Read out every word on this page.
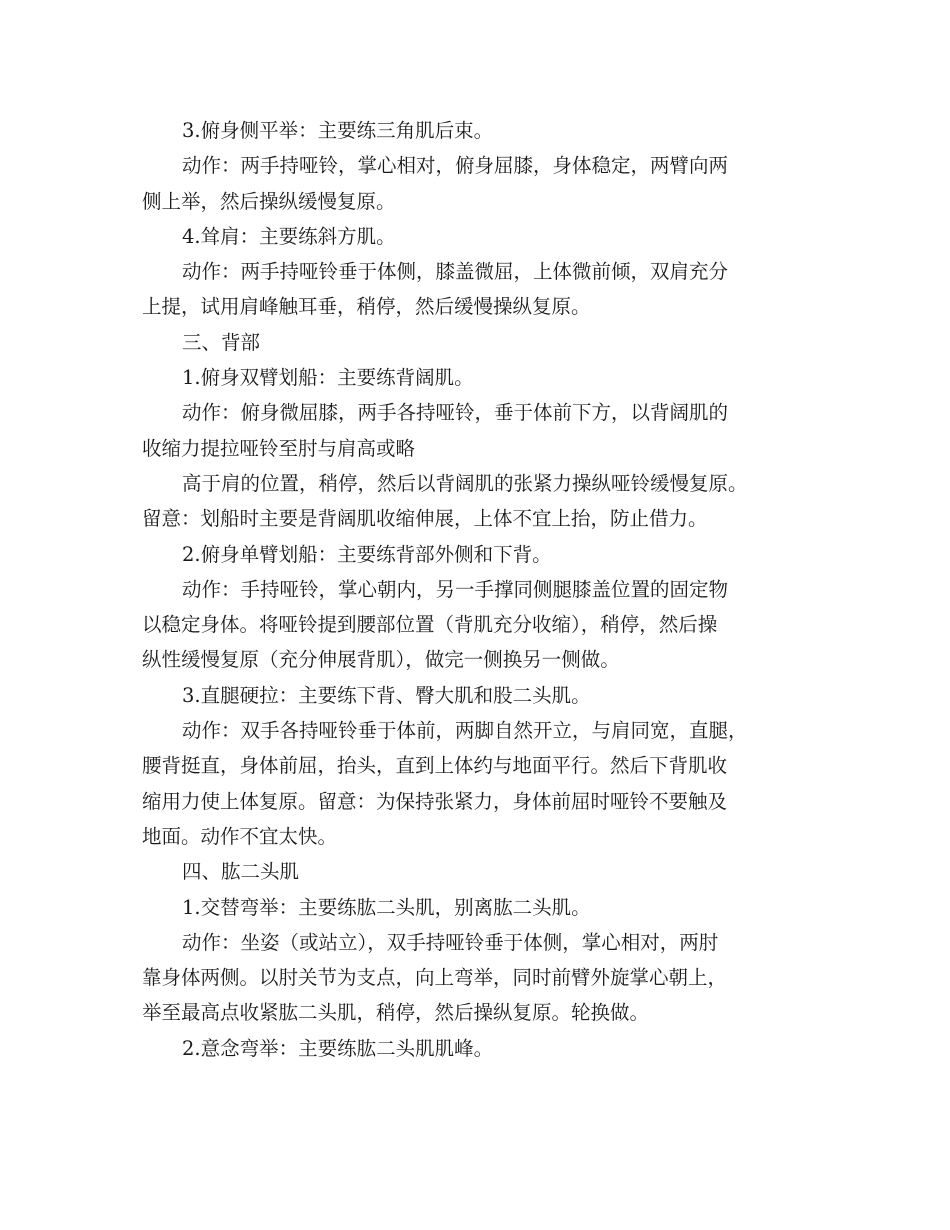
3.俯身侧平举：主要练三角肌后束。
动作：两手持哑铃，掌心相对，俯身屈膝，身体稳定，两臂向两
侧上举，然后操纵缓慢复原。
4.耸肩：主要练斜方肌。
动作：两手持哑铃垂于体侧，膝盖微屈，上体微前倾，双肩充分
上提，试用肩峰触耳垂，稍停，然后缓慢操纵复原。
三、背部
1.俯身双臂划船：主要练背阔肌。
动作：俯身微屈膝，两手各持哑铃，垂于体前下方，以背阔肌的
收缩力提拉哑铃至肘与肩高或略
高于肩的位置，稍停，然后以背阔肌的张紧力操纵哑铃缓慢复原。
留意：划船时主要是背阔肌收缩伸展，上体不宜上抬，防止借力。
2.俯身单臂划船：主要练背部外侧和下背。
动作：手持哑铃，掌心朝内，另一手撑同侧腿膝盖位置的固定物
以稳定身体。将哑铃提到腰部位置（背肌充分收缩），稍停，然后操
纵性缓慢复原（充分伸展背肌），做完一侧换另一侧做。
3.直腿硬拉：主要练下背、臀大肌和股二头肌。
动作：双手各持哑铃垂于体前，两脚自然开立，与肩同宽，直腿，
腰背挺直，身体前屈，抬头，直到上体约与地面平行。然后下背肌收
缩用力使上体复原。留意：为保持张紧力，身体前屈时哑铃不要触及
地面。动作不宜太快。
四、肱二头肌
1.交替弯举：主要练肱二头肌，别离肱二头肌。
动作：坐姿（或站立），双手持哑铃垂于体侧，掌心相对，两肘
靠身体两侧。以肘关节为支点，向上弯举，同时前臂外旋掌心朝上，
举至最高点收紧肱二头肌，稍停，然后操纵复原。轮换做。
2.意念弯举：主要练肱二头肌肌峰。
